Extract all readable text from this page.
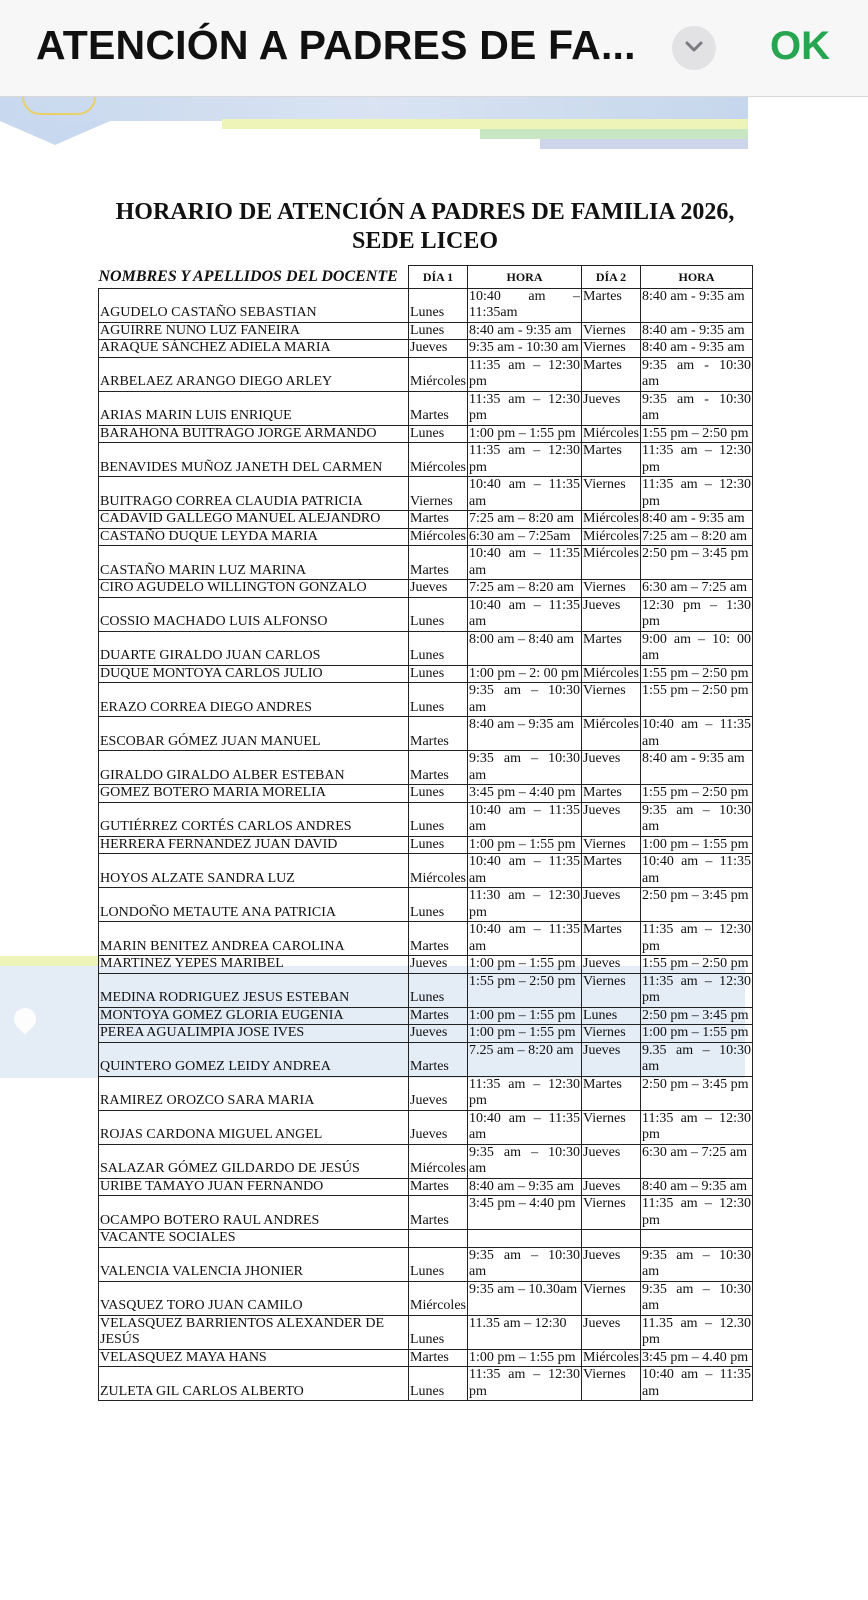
ATENCIÓN A PADRES DE FA...	OK
HORARIO DE ATENCIÓN A PADRES DE FAMILIA 2026, SEDE LICEO
NOMBRES Y APELLIDOS DEL DOCENTE	DÍA 1	HORA	DÍA 2	HORA
AGUDELO CASTAÑO SEBASTIAN	Lunes	10:40 am – 11:35am	Martes	8:40 am - 9:35 am
AGUIRRE NUNO LUZ FANEIRA	Lunes	8:40 am - 9:35 am	Viernes	8:40 am - 9:35 am
ARAQUE SÁNCHEZ ADIELA MARIA	Jueves	9:35 am - 10:30 am	Viernes	8:40 am - 9:35 am
ARBELAEZ ARANGO DIEGO ARLEY	Miércoles	11:35 am – 12:30 pm	Martes	9:35 am - 10:30 am
ARIAS MARIN LUIS ENRIQUE	Martes	11:35 am – 12:30 pm	Jueves	9:35 am - 10:30 am
BARAHONA BUITRAGO JORGE ARMANDO	Lunes	1:00 pm – 1:55 pm	Miércoles	1:55 pm – 2:50 pm
BENAVIDES MUÑOZ JANETH DEL CARMEN	Miércoles	11:35 am – 12:30 pm	Martes	11:35 am – 12:30 pm
BUITRAGO CORREA CLAUDIA PATRICIA	Viernes	10:40 am – 11:35 am	Viernes	11:35 am – 12:30 pm
CADAVID GALLEGO MANUEL ALEJANDRO	Martes	7:25 am – 8:20 am	Miércoles	8:40 am - 9:35 am
CASTAÑO DUQUE LEYDA MARIA	Miércoles	6:30 am – 7:25am	Miércoles	7:25 am – 8:20 am
CASTAÑO MARIN LUZ MARINA	Martes	10:40 am – 11:35 am	Miércoles	2:50 pm – 3:45 pm
CIRO AGUDELO WILLINGTON GONZALO	Jueves	7:25 am – 8:20 am	Viernes	6:30 am – 7:25 am
COSSIO MACHADO LUIS ALFONSO	Lunes	10:40 am – 11:35 am	Jueves	12:30 pm – 1:30 pm
DUARTE GIRALDO JUAN CARLOS	Lunes	8:00 am – 8:40 am	Martes	9:00 am – 10: 00 am
DUQUE MONTOYA CARLOS JULIO	Lunes	1:00 pm – 2: 00 pm	Miércoles	1:55 pm – 2:50 pm
ERAZO CORREA DIEGO ANDRES	Lunes	9:35 am – 10:30 am	Viernes	1:55 pm – 2:50 pm
ESCOBAR GÓMEZ JUAN MANUEL	Martes	8:40 am – 9:35 am	Miércoles	10:40 am – 11:35 am
GIRALDO GIRALDO ALBER ESTEBAN	Martes	9:35 am – 10:30 am	Jueves	8:40 am - 9:35 am
GOMEZ BOTERO MARIA MORELIA	Lunes	3:45 pm – 4:40 pm	Martes	1:55 pm – 2:50 pm
GUTIÉRREZ CORTÉS CARLOS ANDRES	Lunes	10:40 am – 11:35 am	Jueves	9:35 am – 10:30 am
HERRERA FERNANDEZ JUAN DAVID	Lunes	1:00 pm – 1:55 pm	Viernes	1:00 pm – 1:55 pm
HOYOS ALZATE SANDRA LUZ	Miércoles	10:40 am – 11:35 am	Martes	10:40 am – 11:35 am
LONDOÑO METAUTE ANA PATRICIA	Lunes	11:30 am – 12:30 pm	Jueves	2:50 pm – 3:45 pm
MARIN BENITEZ ANDREA CAROLINA	Martes	10:40 am – 11:35 am	Martes	11:35 am – 12:30 pm
MARTINEZ YEPES MARIBEL	Jueves	1:00 pm – 1:55 pm	Jueves	1:55 pm – 2:50 pm
MEDINA RODRIGUEZ JESUS ESTEBAN	Lunes	1:55 pm – 2:50 pm	Viernes	11:35 am – 12:30 pm
MONTOYA GOMEZ GLORIA EUGENIA	Martes	1:00 pm – 1:55 pm	Lunes	2:50 pm – 3:45 pm
PEREA AGUALIMPIA JOSE IVES	Jueves	1:00 pm – 1:55 pm	Viernes	1:00 pm – 1:55 pm
QUINTERO GOMEZ LEIDY ANDREA	Martes	7.25 am – 8:20 am	Jueves	9.35 am – 10:30 am
RAMIREZ OROZCO SARA MARIA	Jueves	11:35 am – 12:30 pm	Martes	2:50 pm – 3:45 pm
ROJAS CARDONA MIGUEL ANGEL	Jueves	10:40 am – 11:35 am	Viernes	11:35 am – 12:30 pm
SALAZAR GÓMEZ GILDARDO DE JESÚS	Miércoles	9:35 am – 10:30 am	Jueves	6:30 am – 7:25 am
URIBE TAMAYO JUAN FERNANDO	Martes	8:40 am – 9:35 am	Jueves	8:40 am – 9:35 am
OCAMPO BOTERO RAUL ANDRES	Martes	3:45 pm – 4:40 pm	Viernes	11:35 am – 12:30 pm
VACANTE SOCIALES				
VALENCIA VALENCIA JHONIER	Lunes	9:35 am – 10:30 am	Jueves	9:35 am – 10:30 am
VASQUEZ TORO JUAN CAMILO	Miércoles	9:35 am – 10.30am	Viernes	9:35 am – 10:30 am
VELASQUEZ BARRIENTOS ALEXANDER DE JESÚS	Lunes	11.35 am – 12:30	Jueves	11.35 am – 12.30 pm
VELASQUEZ MAYA HANS	Martes	1:00 pm – 1:55 pm	Miércoles	3:45 pm – 4.40 pm
ZULETA GIL CARLOS ALBERTO	Lunes	11:35 am – 12:30 pm	Viernes	10:40 am – 11:35 am
